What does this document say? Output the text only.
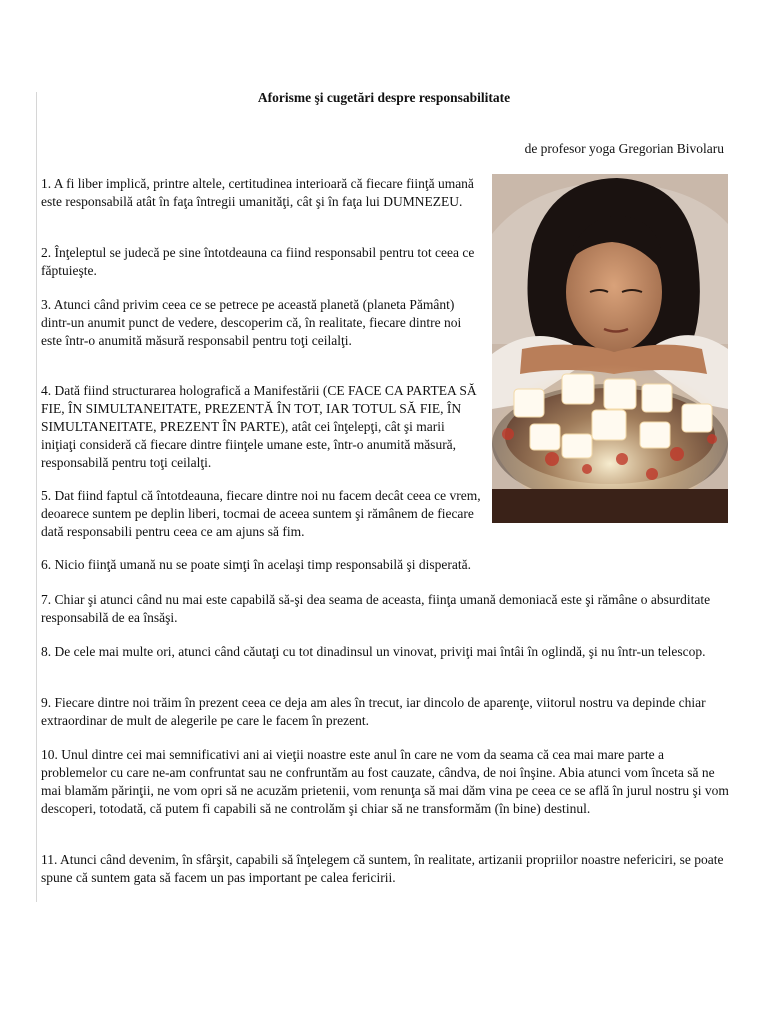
Aforisme şi cugetări despre responsabilitate

de profesor yoga Gregorian Bivolaru

1. A fi liber implică, printre altele, certitudinea interioară că fiecare fiinţă umană este responsabilă atât în faţa întregii umanităţi, cât şi în faţa lui DUMNEZEU.

2. Înţeleptul se judecă pe sine întotdeauna ca fiind responsabil pentru tot ceea ce făptuieşte.

3. Atunci când privim ceea ce se petrece pe această planetă (planeta Pământ) dintr-un anumit punct de vedere, descoperim că, în realitate, fiecare dintre noi este într-o anumită măsură responsabil pentru toţi ceilalţi.

4. Dată fiind structurarea holografică a Manifestării (CE FACE CA PARTEA SĂ FIE, ÎN SIMULTANEITATE, PREZENTĂ ÎN TOT, IAR TOTUL SĂ FIE, ÎN SIMULTANEITATE, PREZENT ÎN PARTE), atât cei înţelepţi, cât şi marii iniţiaţi consideră că fiecare dintre fiinţele umane este, într-o anumită măsură, responsabilă pentru toţi ceilalţi.

5. Dat fiind faptul că întotdeauna, fiecare dintre noi nu facem decât ceea ce vrem, deoarece suntem pe deplin liberi, tocmai de aceea suntem şi rămânem de fiecare dată responsabili pentru ceea ce am ajuns să fim.

6. Nicio fiinţă umană nu se poate simţi în acelaşi timp responsabilă şi disperată.

7. Chiar şi atunci când nu mai este capabilă să-şi dea seama de aceasta, fiinţa umană demoniacă este şi rămâne o absurditate responsabilă de ea însăşi.

8. De cele mai multe ori, atunci când căutaţi cu tot dinadinsul un vinovat, priviţi mai întâi în oglindă, şi nu într-un telescop.

9. Fiecare dintre noi trăim în prezent ceea ce deja am ales în trecut, iar dincolo de aparenţe, viitorul nostru va depinde chiar extraordinar de mult de alegerile pe care le facem în prezent.

10. Unul dintre cei mai semnificativi ani ai vieţii noastre este anul în care ne vom da seama că cea mai mare parte a problemelor cu care ne-am confruntat sau ne confruntăm au fost cauzate, cândva, de noi înşine. Abia atunci vom înceta să ne mai blamăm părinţii, ne vom opri să ne acuzăm prietenii, vom renunţa să mai dăm vina pe ceea ce se află în jurul nostru şi vom descoperi, totodată, că putem fi capabili să ne controlăm şi chiar să ne transformăm (în bine) destinul.

11. Atunci când devenim, în sfârşit, capabili să înţelegem că suntem, în realitate, artizanii propriilor noastre nefericiri, se poate spune că suntem gata să facem un pas important pe calea fericirii.
